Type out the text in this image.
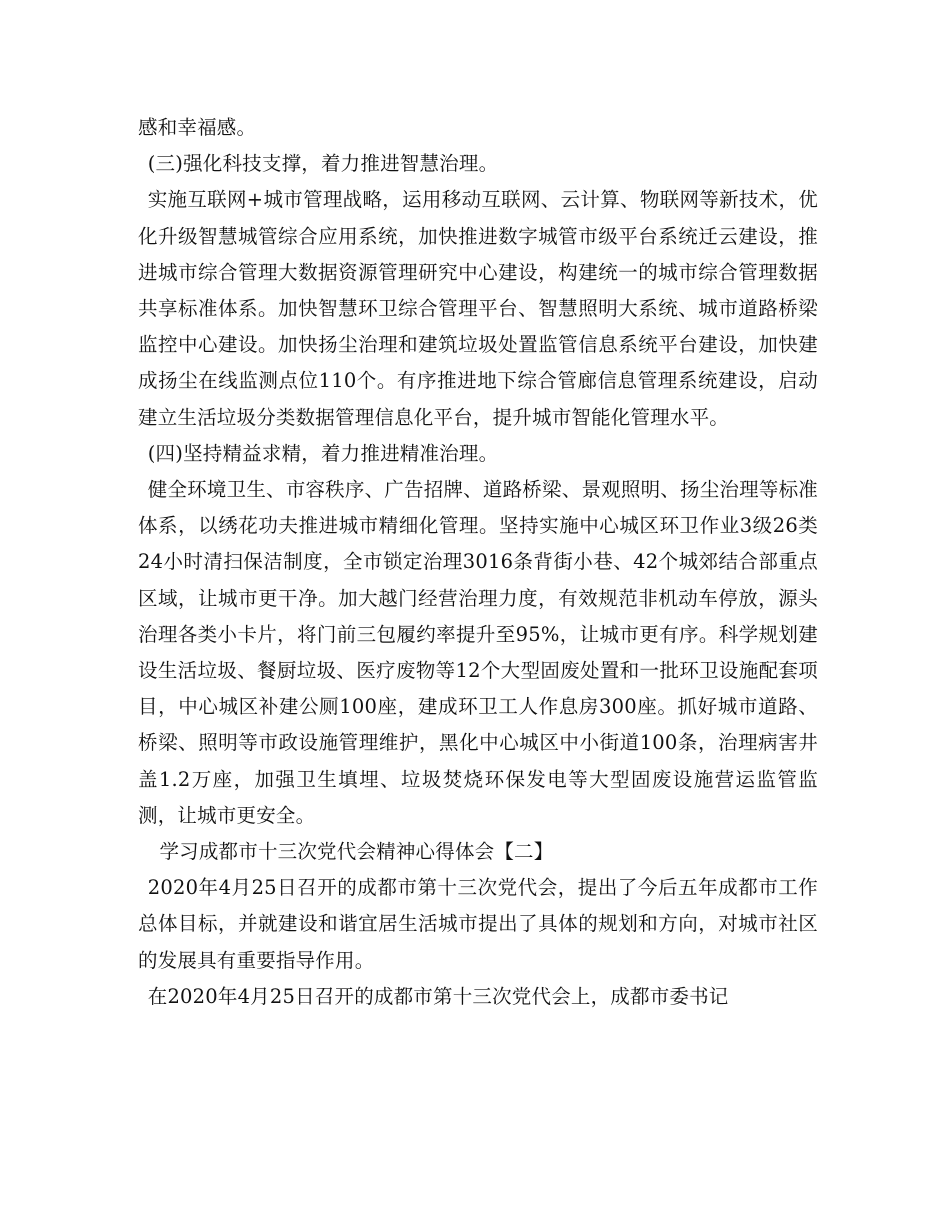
感和幸福感。

(三)强化科技支撑，着力推进智慧治理。

实施互联网+城市管理战略，运用移动互联网、云计算、物联网等新技术，优化升级智慧城管综合应用系统，加快推进数字城管市级平台系统迁云建设，推进城市综合管理大数据资源管理研究中心建设，构建统一的城市综合管理数据共享标准体系。加快智慧环卫综合管理平台、智慧照明大系统、城市道路桥梁监控中心建设。加快扬尘治理和建筑垃圾处置监管信息系统平台建设，加快建成扬尘在线监测点位110个。有序推进地下综合管廊信息管理系统建设，启动建立生活垃圾分类数据管理信息化平台，提升城市智能化管理水平。

(四)坚持精益求精，着力推进精准治理。

健全环境卫生、市容秩序、广告招牌、道路桥梁、景观照明、扬尘治理等标准体系，以绣花功夫推进城市精细化管理。坚持实施中心城区环卫作业3级26类24小时清扫保洁制度，全市锁定治理3016条背街小巷、42个城郊结合部重点区域，让城市更干净。加大越门经营治理力度，有效规范非机动车停放，源头治理各类小卡片，将门前三包履约率提升至95%，让城市更有序。科学规划建设生活垃圾、餐厨垃圾、医疗废物等12个大型固废处置和一批环卫设施配套项目，中心城区补建公厕100座，建成环卫工人作息房300座。抓好城市道路、桥梁、照明等市政设施管理维护，黑化中心城区中小街道100条，治理病害井盖1.2万座，加强卫生填埋、垃圾焚烧环保发电等大型固废设施营运监管监测，让城市更安全。

学习成都市十三次党代会精神心得体会【二】

2020年4月25日召开的成都市第十三次党代会，提出了今后五年成都市工作总体目标，并就建设和谐宜居生活城市提出了具体的规划和方向，对城市社区的发展具有重要指导作用。

在2020年4月25日召开的成都市第十三次党代会上，成都市委书记
